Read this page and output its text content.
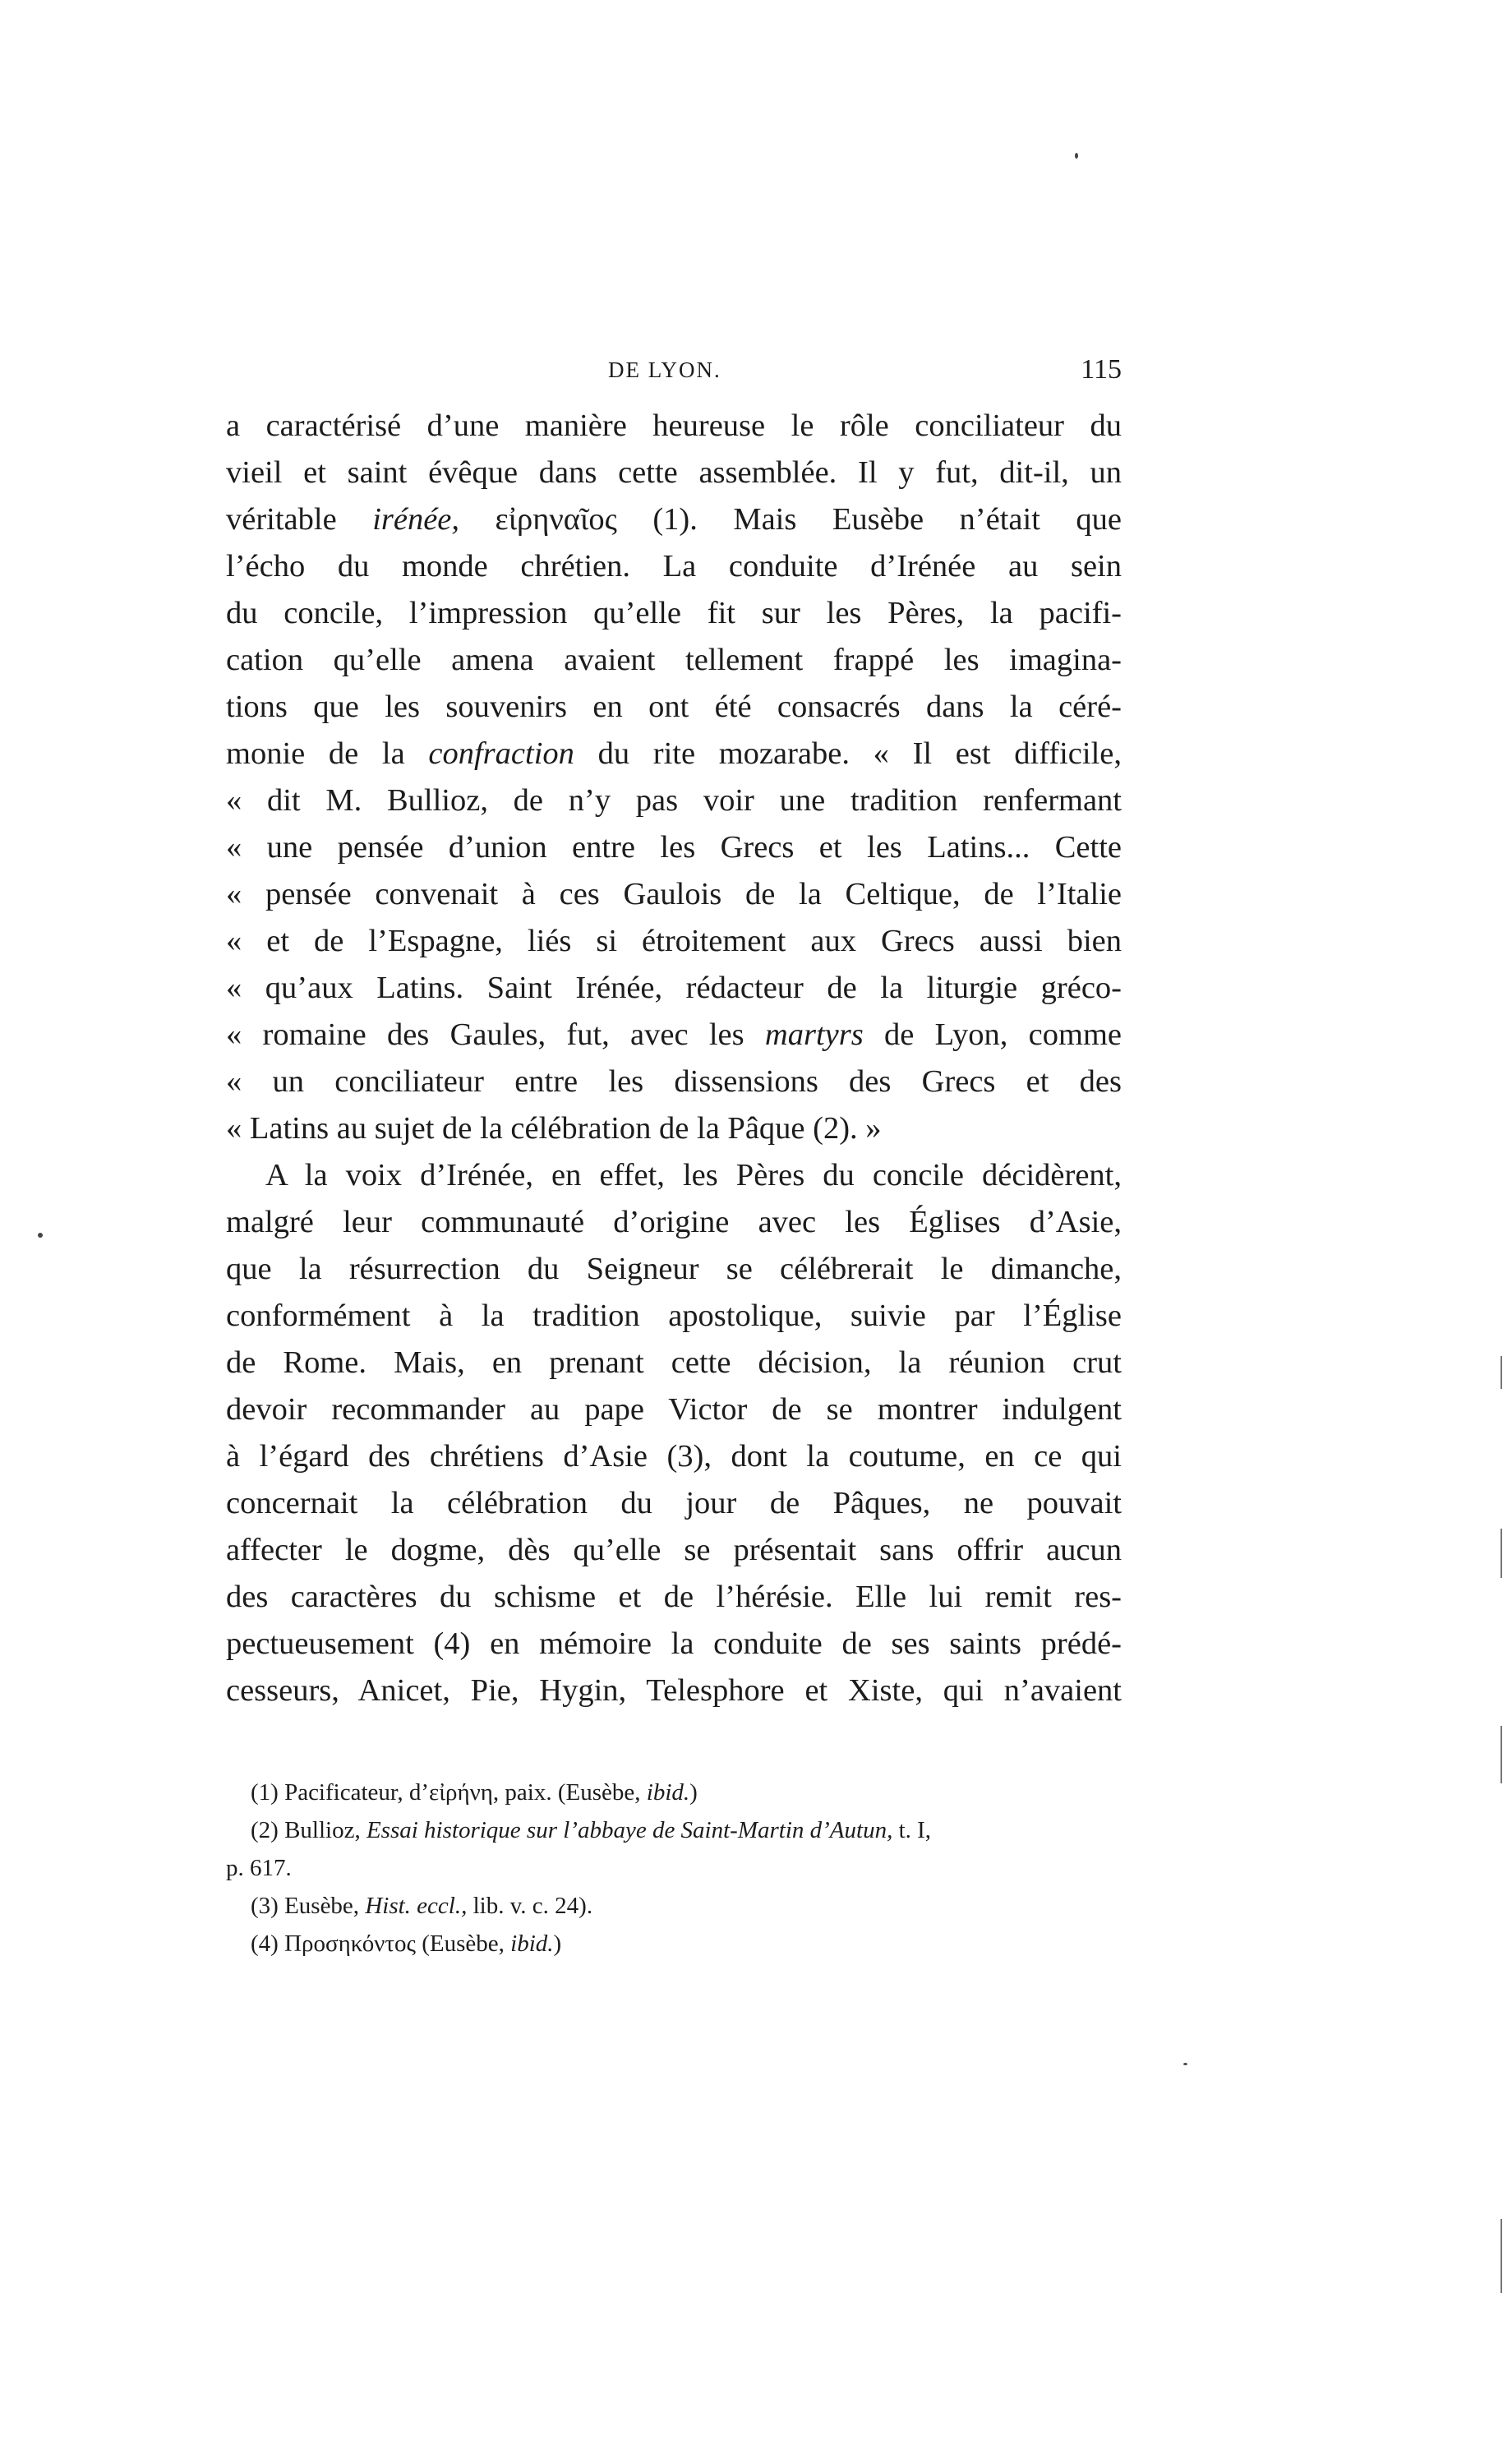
DE LYON.	115
a caractérisé d’une manière heureuse le rôle conciliateur du
vieil et saint évêque dans cette assemblée. Il y fut, dit-il, un
véritable irénée, εἰρηναῖος (1). Mais Eusèbe n’était que
l’écho du monde chrétien. La conduite d’Irénée au sein
du concile, l’impression qu’elle fit sur les Pères, la pacifi-
cation qu’elle amena avaient tellement frappé les imagina-
tions que les souvenirs en ont été consacrés dans la céré-
monie de la confraction du rite mozarabe. « Il est difficile,
« dit M. Bullioz, de n’y pas voir une tradition renfermant
« une pensée d’union entre les Grecs et les Latins... Cette
« pensée convenait à ces Gaulois de la Celtique, de l’Italie
« et de l’Espagne, liés si étroitement aux Grecs aussi bien
« qu’aux Latins. Saint Irénée, rédacteur de la liturgie gréco-
« romaine des Gaules, fut, avec les martyrs de Lyon, comme
« un conciliateur entre les dissensions des Grecs et des
« Latins au sujet de la célébration de la Pâque (2). »
A la voix d’Irénée, en effet, les Pères du concile décidèrent,
malgré leur communauté d’origine avec les Églises d’Asie,
que la résurrection du Seigneur se célébrerait le dimanche,
conformément à la tradition apostolique, suivie par l’Église
de Rome. Mais, en prenant cette décision, la réunion crut
devoir recommander au pape Victor de se montrer indulgent
à l’égard des chrétiens d’Asie (3), dont la coutume, en ce qui
concernait la célébration du jour de Pâques, ne pouvait
affecter le dogme, dès qu’elle se présentait sans offrir aucun
des caractères du schisme et de l’hérésie. Elle lui remit res-
pectueusement (4) en mémoire la conduite de ses saints prédé-
cesseurs, Anicet, Pie, Hygin, Telesphore et Xiste, qui n’avaient
(1) Pacificateur, d’εἰρήνη, paix. (Eusèbe, ibid.)
(2) Bullioz, Essai historique sur l’abbaye de Saint-Martin d’Autun, t. I,
p. 617.
(3) Eusèbe, Hist. eccl., lib. v. c. 24).
(4) Προσηκόντος (Eusèbe, ibid.)
